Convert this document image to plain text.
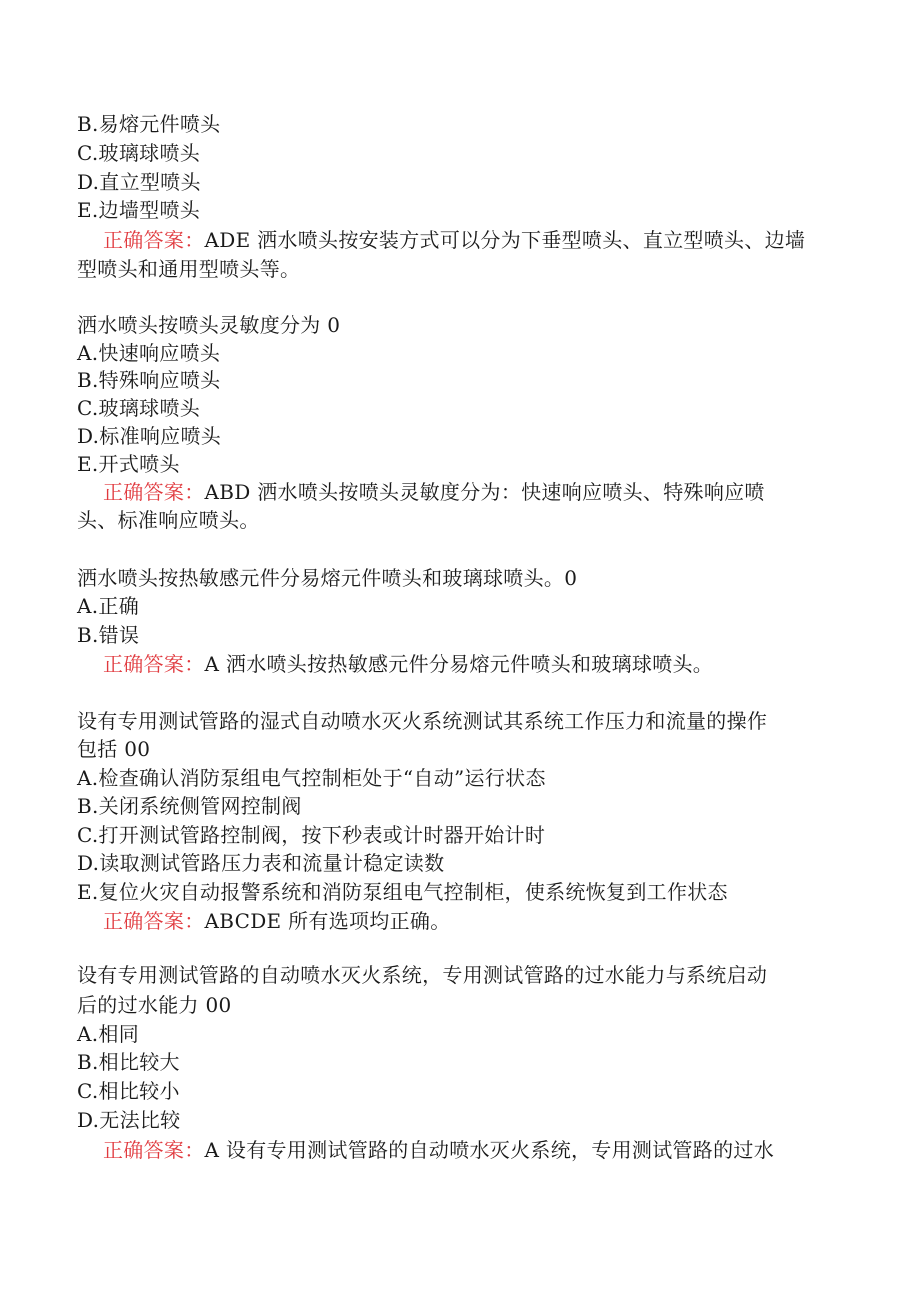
B.易熔元件喷头
C.玻璃球喷头
D.直立型喷头
E.边墙型喷头
正确答案：ADE 洒水喷头按安装方式可以分为下垂型喷头、直立型喷头、边墙
型喷头和通用型喷头等。
洒水喷头按喷头灵敏度分为 0
A.快速响应喷头
B.特殊响应喷头
C.玻璃球喷头
D.标准响应喷头
E.开式喷头
正确答案：ABD 洒水喷头按喷头灵敏度分为：快速响应喷头、特殊响应喷
头、标准响应喷头。
洒水喷头按热敏感元件分易熔元件喷头和玻璃球喷头。0
A.正确
B.错误
正确答案：A 洒水喷头按热敏感元件分易熔元件喷头和玻璃球喷头。
设有专用测试管路的湿式自动喷水灭火系统测试其系统工作压力和流量的操作
包括 00
A.检查确认消防泵组电气控制柜处于“自动”运行状态
B.关闭系统侧管网控制阀
C.打开测试管路控制阀，按下秒表或计时器开始计时
D.读取测试管路压力表和流量计稳定读数
E.复位火灾自动报警系统和消防泵组电气控制柜，使系统恢复到工作状态
正确答案：ABCDE 所有选项均正确。
设有专用测试管路的自动喷水灭火系统，专用测试管路的过水能力与系统启动
后的过水能力 00
A.相同
B.相比较大
C.相比较小
D.无法比较
正确答案：A 设有专用测试管路的自动喷水灭火系统，专用测试管路的过水
